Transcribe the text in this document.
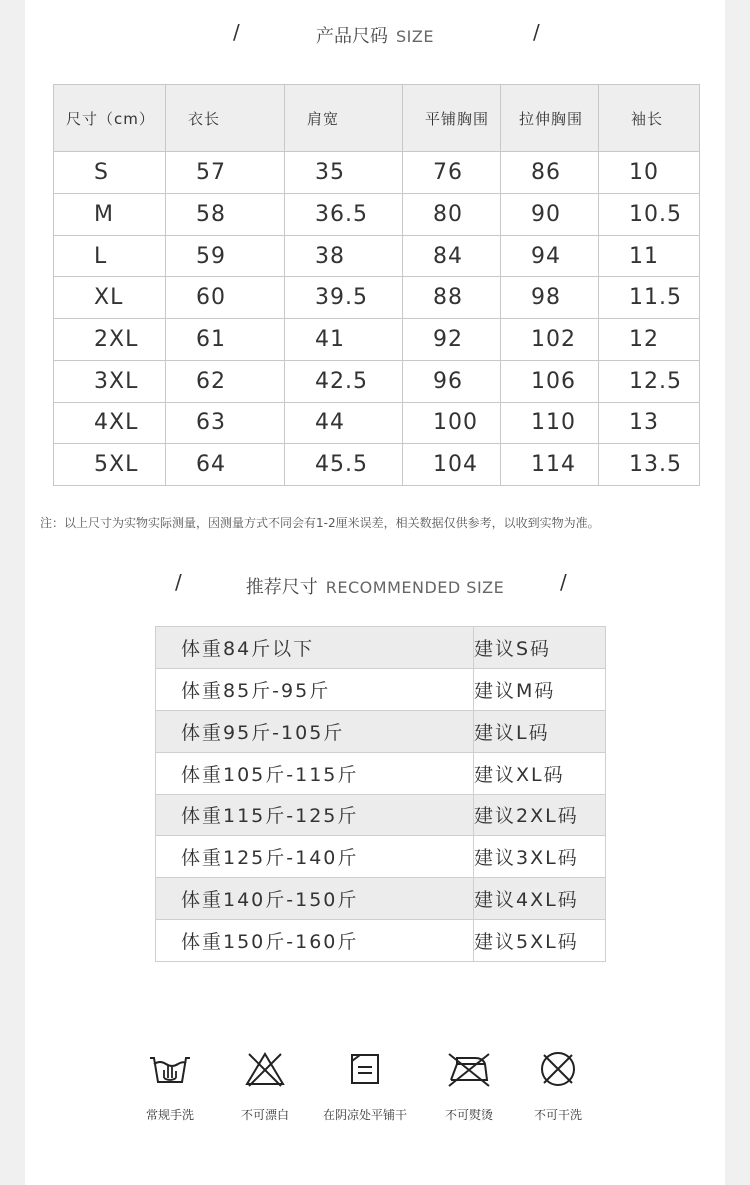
/	产品尺码 SIZE	/
尺寸（cm）	衣长	肩宽	平铺胸围	拉伸胸围	袖长
S	57	35	76	86	10
M	58	36.5	80	90	10.5
L	59	38	84	94	11
XL	60	39.5	88	98	11.5
2XL	61	41	92	102	12
3XL	62	42.5	96	106	12.5
4XL	63	44	100	110	13
5XL	64	45.5	104	114	13.5
注：以上尺寸为实物实际测量，因测量方式不同会有1-2厘米误差，相关数据仅供参考，以收到实物为准。
/	推荐尺寸 RECOMMENDED SIZE	/
体重84斤以下	建议S码
体重85斤-95斤	建议M码
体重95斤-105斤	建议L码
体重105斤-115斤	建议XL码
体重115斤-125斤	建议2XL码
体重125斤-140斤	建议3XL码
体重140斤-150斤	建议4XL码
体重150斤-160斤	建议5XL码
常规手洗	不可漂白	在阴凉处平铺干	不可熨烫	不可干洗
